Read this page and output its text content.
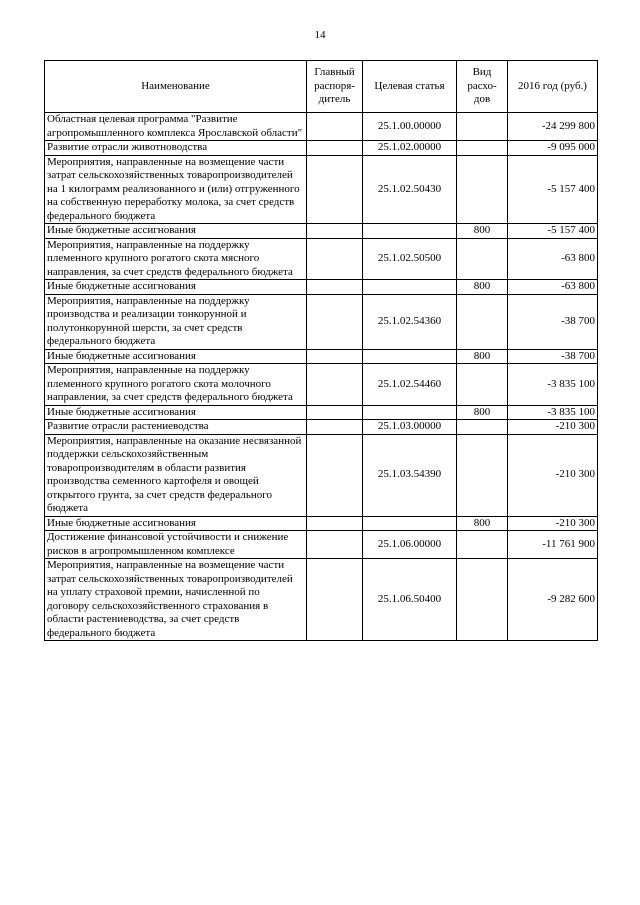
14
Наименование	Главный распоря- дитель	Целевая статья	Вид расхо- дов	2016 год (руб.)
Областная целевая программа "Развитие агропромышленного комплекса Ярославской области"		25.1.00.00000		-24 299 800
Развитие отрасли животноводства		25.1.02.00000		-9 095 000
Мероприятия, направленные на возмещение части затрат сельскохозяйственных товаропроизводителей на 1 килограмм реализованного и (или) отгруженного на собственную переработку молока, за счет средств федерального бюджета		25.1.02.50430		-5 157 400
Иные бюджетные ассигнования			800	-5 157 400
Мероприятия, направленные на поддержку племенного крупного рогатого скота мясного направления, за счет средств федерального бюджета		25.1.02.50500		-63 800
Иные бюджетные ассигнования			800	-63 800
Мероприятия, направленные на поддержку производства и реализации тонкорунной и полутонкорунной шерсти, за счет средств федерального бюджета		25.1.02.54360		-38 700
Иные бюджетные ассигнования			800	-38 700
Мероприятия, направленные на поддержку племенного крупного рогатого скота молочного направления, за счет средств федерального бюджета		25.1.02.54460		-3 835 100
Иные бюджетные ассигнования			800	-3 835 100
Развитие отрасли растениеводства		25.1.03.00000		-210 300
Мероприятия, направленные на оказание несвязанной поддержки сельскохозяйственным товаропроизводителям в области развития производства семенного картофеля и овощей открытого грунта, за счет средств федерального бюджета		25.1.03.54390		-210 300
Иные бюджетные ассигнования			800	-210 300
Достижение финансовой устойчивости и снижение рисков в агропромышленном комплексе		25.1.06.00000		-11 761 900
Мероприятия, направленные на возмещение части затрат сельскохозяйственных товаропроизводителей на уплату страховой премии, начисленной по договору сельскохозяйственного страхования в области растениеводства, за счет средств федерального бюджета		25.1.06.50400		-9 282 600
